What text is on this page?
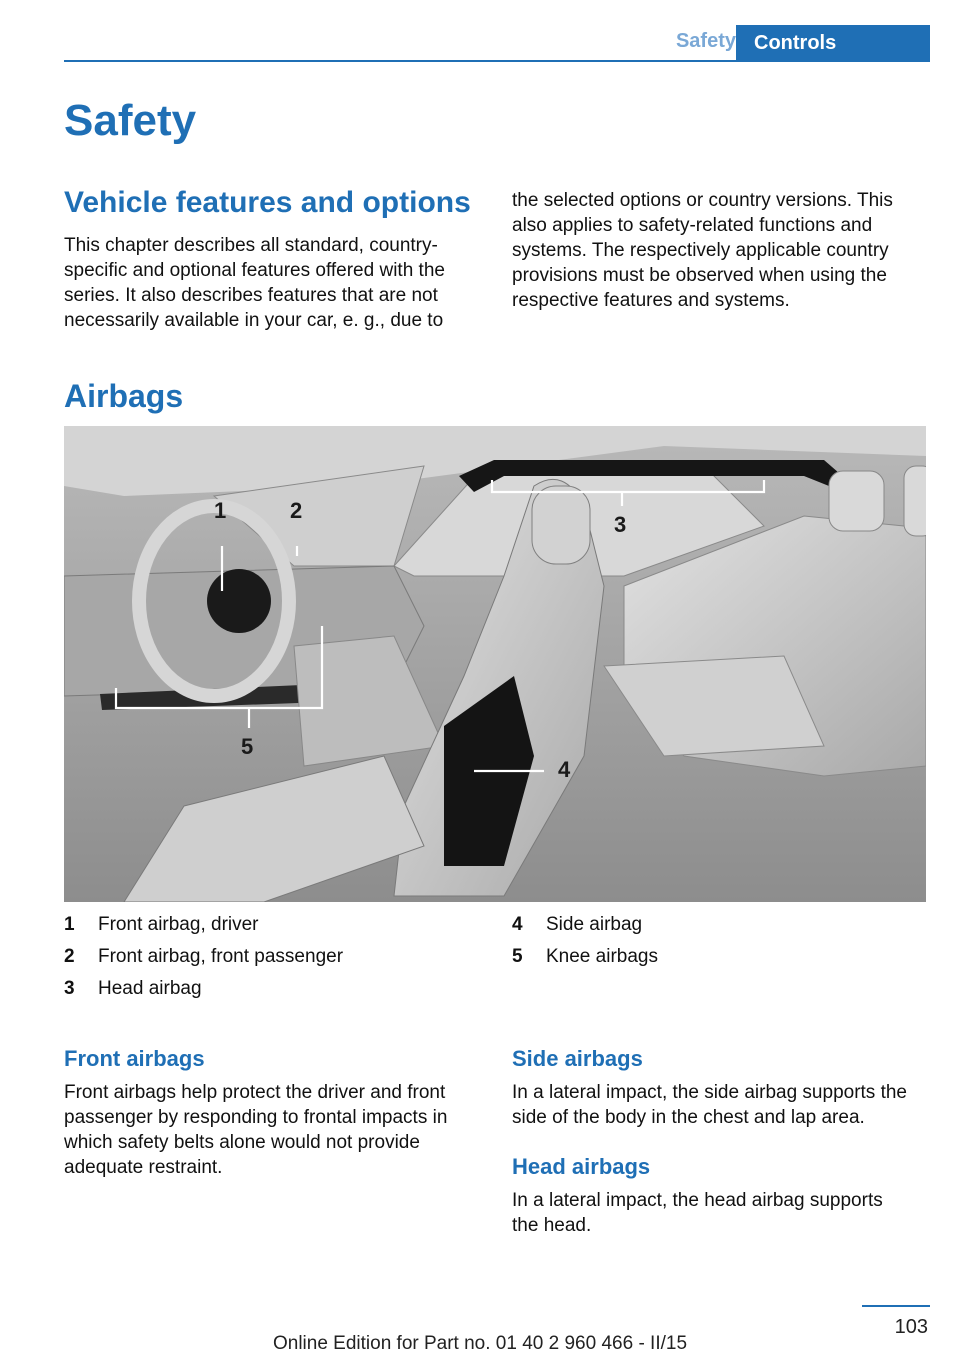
Safety Controls
Safety
Vehicle features and options

This chapter describes all standard, country-specific and optional features offered with the series. It also describes features that are not necessarily available in your car, e. g., due to

the selected options or country versions. This also applies to safety-related functions and systems. The respectively applicable country provisions must be observed when using the respective features and systems.

Airbags
1	2
3
4
5
1 Front airbag, driver
2 Front airbag, front passenger
3 Head airbag
4 Side airbag
5 Knee airbags
Front airbags

Front airbags help protect the driver and front passenger by responding to frontal impacts in which safety belts alone would not provide adequate restraint.

Side airbags

In a lateral impact, the side airbag supports the side of the body in the chest and lap area.

Head airbags

In a lateral impact, the head airbag supports the head.

103
Online Edition for Part no. 01 40 2 960 466 - II/15
